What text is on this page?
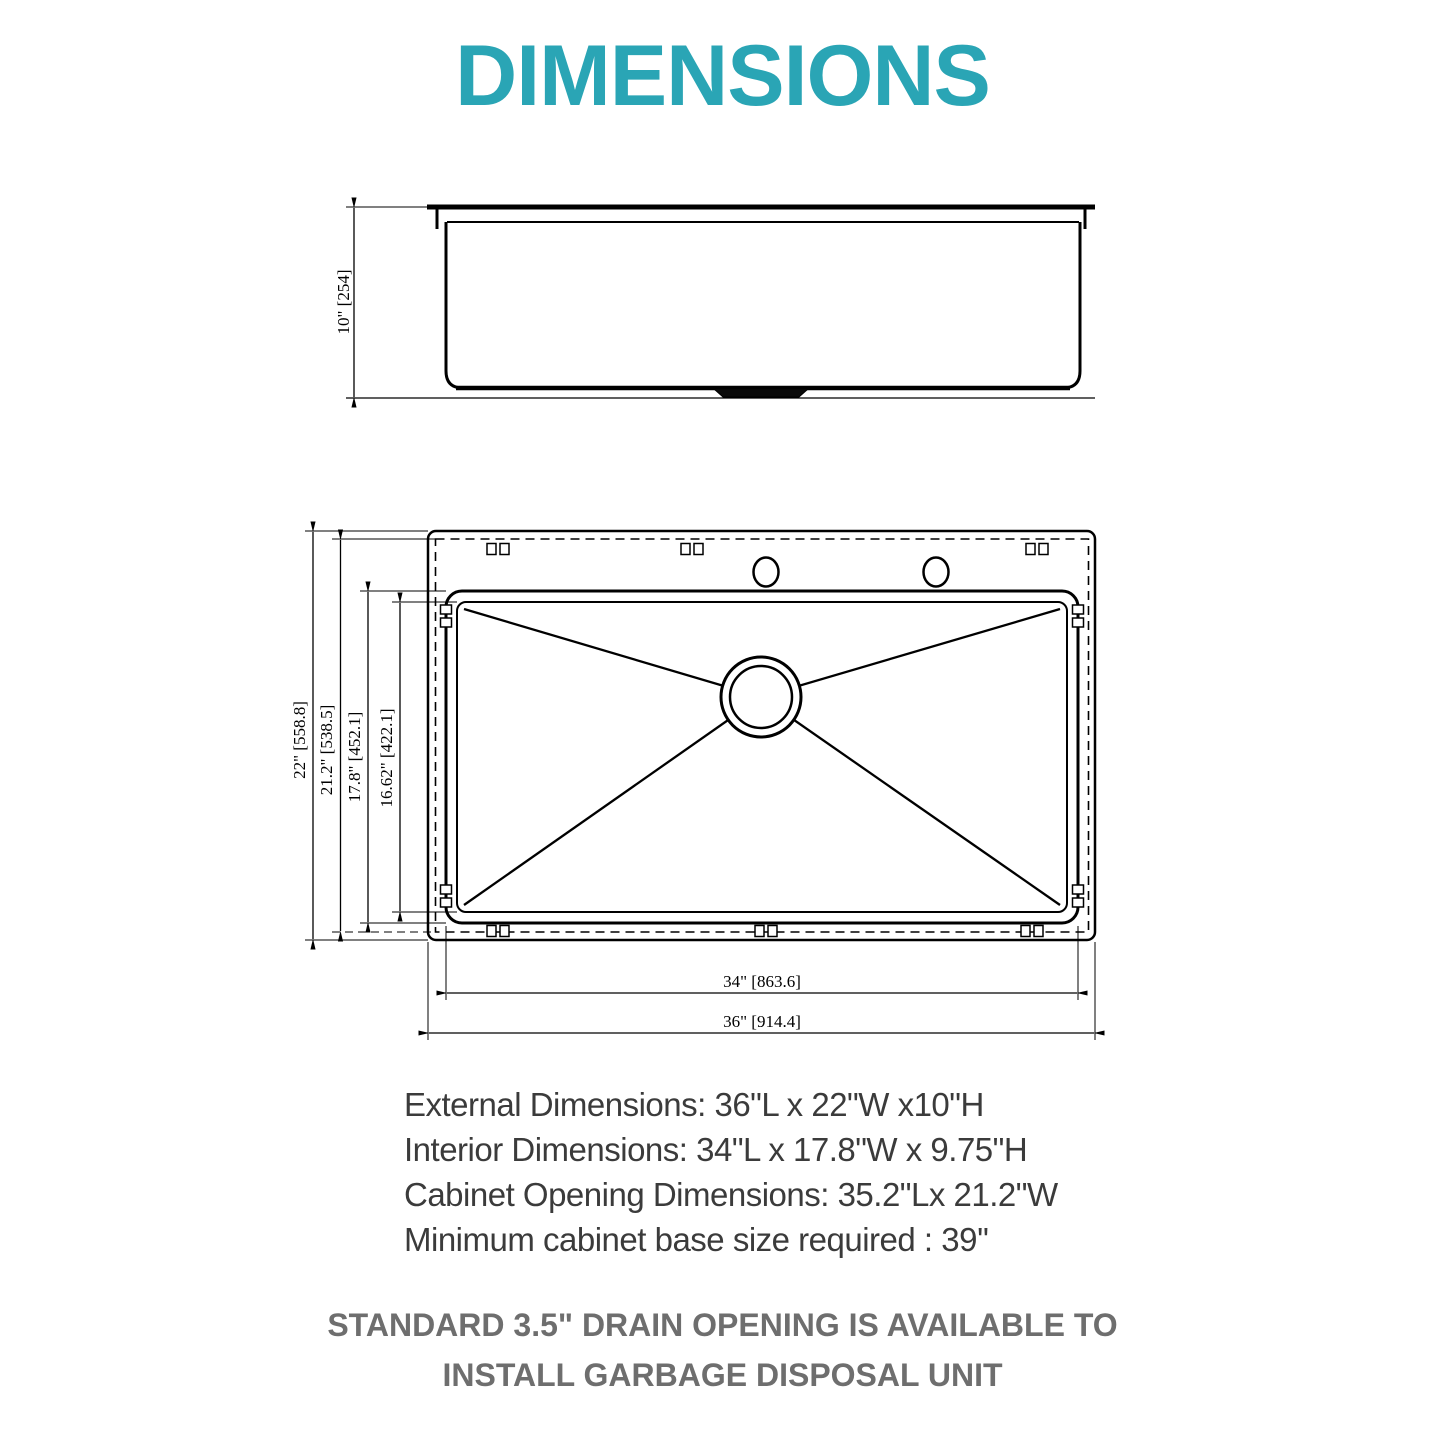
DIMENSIONS
10" [254]
22" [558.8] 21.2" [538.5] 17.8" [452.1] 16.62" [422.1]
34" [863.6]
36" [914.4]
External Dimensions: 36"L x 22"W x10"H
Interior Dimensions: 34"L x 17.8"W x 9.75"H
Cabinet Opening Dimensions: 35.2"Lx 21.2"W
Minimum cabinet base size required : 39''
STANDARD 3.5" DRAIN OPENING IS AVAILABLE TO
INSTALL GARBAGE DISPOSAL UNIT
